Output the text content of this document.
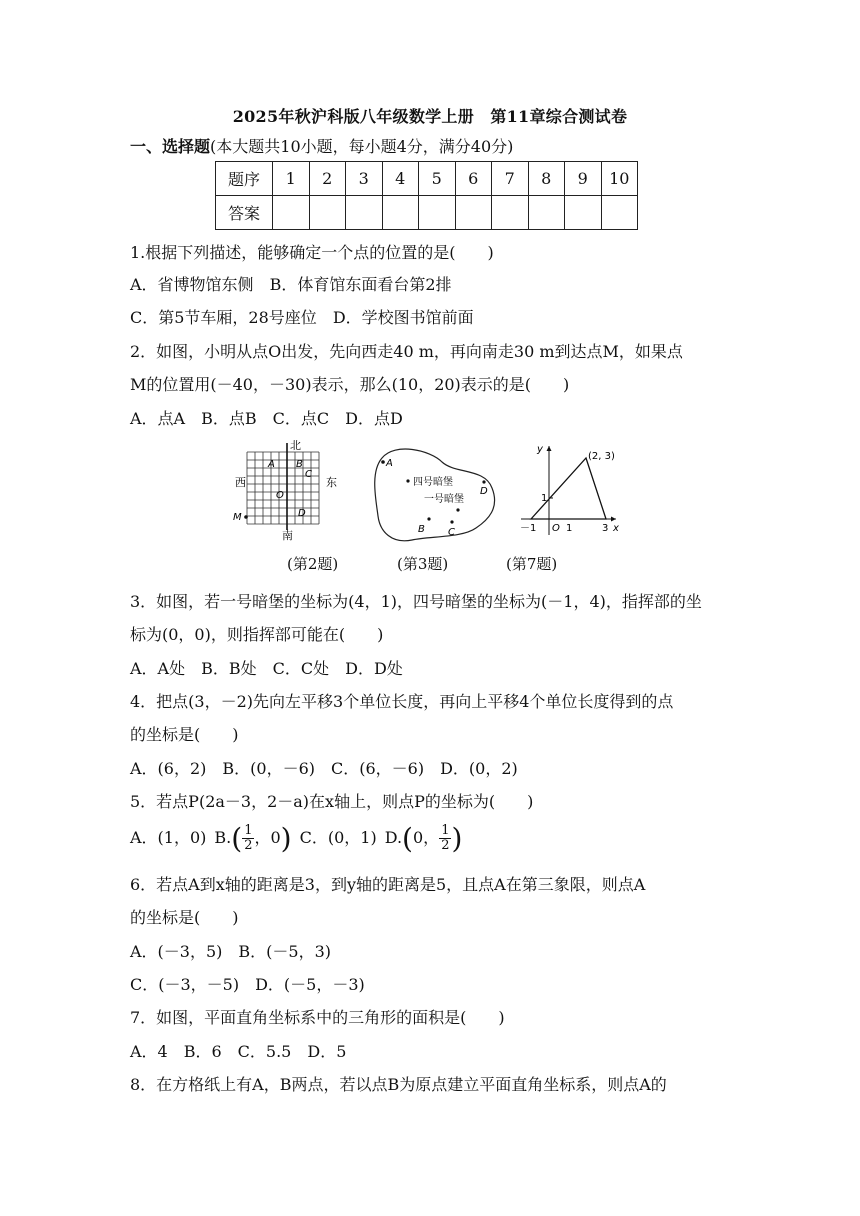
2025年秋沪科版八年级数学上册　第11章综合测试卷
一、选择题(本大题共10小题，每小题4分，满分40分)
题序	1	2	3	4	5	6	7	8	9	10
答案										
1.根据下列描述，能够确定一个点的位置的是(　　)
A．省博物馆东侧　 B．体育馆东面看台第2排
C．第5节车厢，28号座位　 D．学校图书馆前面
2．如图，小明从点O出发，先向西走40 m，再向南走30 m到达点M，如果点
M的位置用(－40，－30)表示，那么(10，20)表示的是(　　)
A．点A　B．点B　C．点C　D．点D
北
南
西	东
A B
C
O
D
M
A
四号暗堡
一号暗堡
D
B C
y
x
(2, 3)
1
－1 O 1	3
(第2题)	(第3题)	(第7题)
3．如图，若一号暗堡的坐标为(4，1)，四号暗堡的坐标为(－1，4)，指挥部的坐
标为(0，0)，则指挥部可能在(　　)
A．A处　B．B处　C．C处　D．D处
4．把点(3，－2)先向左平移3个单位长度，再向上平移4个单位长度得到的点
的坐标是(　　)
A．(6，2)　B．(0，－6)　C．(6，－6)　D．(0，2)
5．若点P(2a－3，2－a)在x轴上，则点P的坐标为(　　)
A．(1，0)  $B.( \frac{1}{2}$ ，0)  C．(0，1)  D.(0， $\frac{1}{2}$ )
6．若点A到x轴的距离是3，到y轴的距离是5，且点A在第三象限，则点A
的坐标是(　　)
A．(－3，5)　B．(－5，3)
C．(－3，－5)　D．(－5，－3)
7．如图，平面直角坐标系中的三角形的面积是(　　)
A．4　B．6　C．5.5　D．5
8．在方格纸上有A，B两点，若以点B为原点建立平面直角坐标系，则点A的
